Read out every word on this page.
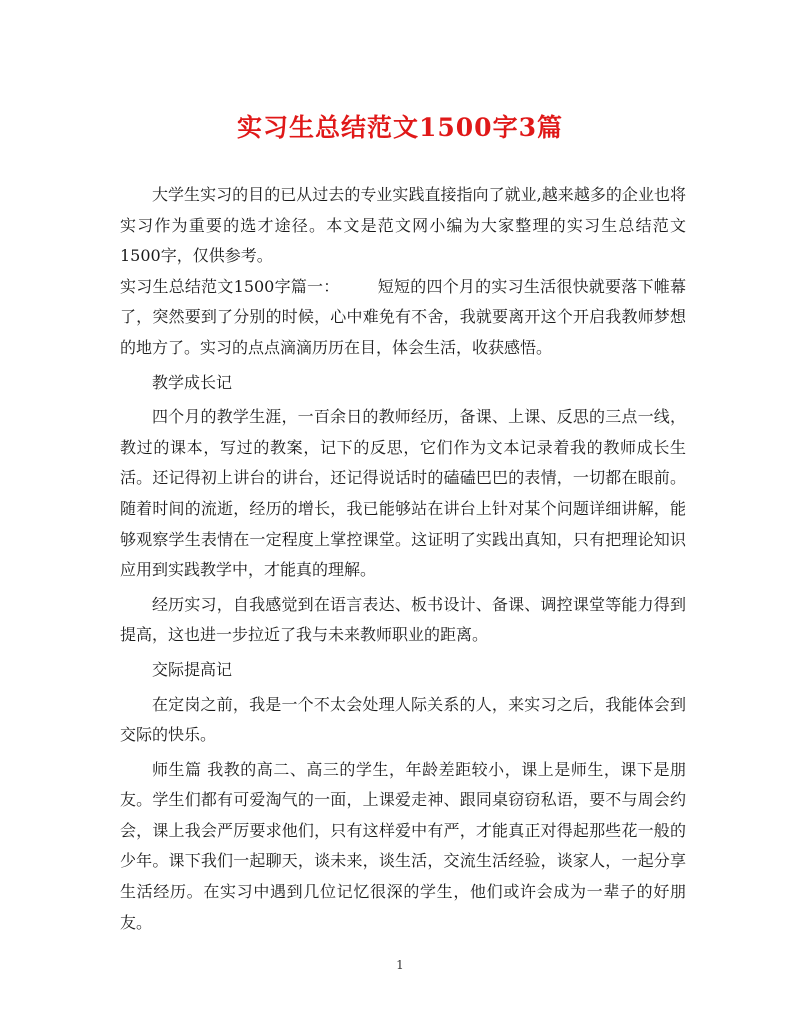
实习生总结范文1500字3篇

大学生实习的目的已从过去的专业实践直接指向了就业,越来越多的企业也将实习作为重要的选才途径。本文是范文网小编为大家整理的实习生总结范文1500字，仅供参考。

实习生总结范文1500字篇一： 短短的四个月的实习生活很快就要落下帷幕了，突然要到了分别的时候，心中难免有不舍，我就要离开这个开启我教师梦想的地方了。实习的点点滴滴历历在目，体会生活，收获感悟。

教学成长记

四个月的教学生涯，一百余日的教师经历，备课、上课、反思的三点一线，教过的课本，写过的教案，记下的反思，它们作为文本记录着我的教师成长生活。还记得初上讲台的讲台，还记得说话时的磕磕巴巴的表情，一切都在眼前。随着时间的流逝，经历的增长，我已能够站在讲台上针对某个问题详细讲解，能够观察学生表情在一定程度上掌控课堂。这证明了实践出真知，只有把理论知识应用到实践教学中，才能真的理解。

经历实习，自我感觉到在语言表达、板书设计、备课、调控课堂等能力得到提高，这也进一步拉近了我与未来教师职业的距离。

交际提高记

在定岗之前，我是一个不太会处理人际关系的人，来实习之后，我能体会到交际的快乐。

师生篇 我教的高二、高三的学生，年龄差距较小，课上是师生，课下是朋友。学生们都有可爱淘气的一面，上课爱走神、跟同桌窃窃私语，要不与周会约会，课上我会严厉要求他们，只有这样爱中有严，才能真正对得起那些花一般的少年。课下我们一起聊天，谈未来，谈生活，交流生活经验，谈家人，一起分享生活经历。在实习中遇到几位记忆很深的学生，他们或许会成为一辈子的好朋友。

1
